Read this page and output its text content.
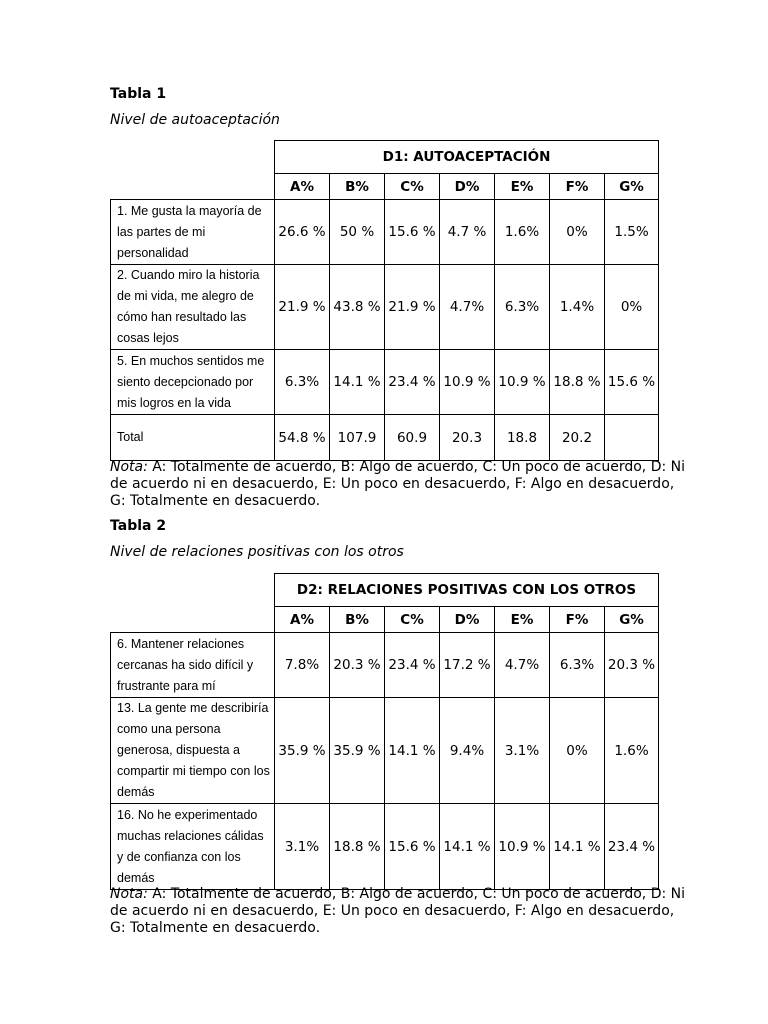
Tabla 1
Nivel de autoaceptación
	D1: AUTOACEPTACIÓN						
	A%	B%	C%	D%	E%	F%	G%
1. Me gusta la mayoría de las partes de mi personalidad	26.6 %	50 %	15.6 %	4.7 %	1.6%	0%	1.5%
2. Cuando miro la historia de mi vida, me alegro de cómo han resultado las cosas lejos	21.9 %	43.8 %	21.9 %	4.7%	6.3%	1.4%	0%
5. En muchos sentidos me siento decepcionado por mis logros en la vida	6.3%	14.1 %	23.4 %	10.9 %	10.9 %	18.8 %	15.6 %
Total	54.8 %	107.9	60.9	20.3	18.8	20.2	
Nota: A: Totalmente de acuerdo, B: Algo de acuerdo, C: Un poco de acuerdo, D: Ni de acuerdo ni en desacuerdo, E: Un poco en desacuerdo, F: Algo en desacuerdo, G: Totalmente en desacuerdo.
Tabla 2
Nivel de relaciones positivas con los otros
	D2: RELACIONES POSITIVAS CON LOS OTROS						
	A%	B%	C%	D%	E%	F%	G%
6. Mantener relaciones cercanas ha sido difícil y frustrante para mí	7.8%	20.3 %	23.4 %	17.2 %	4.7%	6.3%	20.3 %
13. La gente me describiría como una persona generosa, dispuesta a compartir mi tiempo con los demás	35.9 %	35.9 %	14.1 %	9.4%	3.1%	0%	1.6%
16. No he experimentado muchas relaciones cálidas y de confianza con los demás	3.1%	18.8 %	15.6 %	14.1 %	10.9 %	14.1 %	23.4 %
Nota: A: Totalmente de acuerdo, B: Algo de acuerdo, C: Un poco de acuerdo, D: Ni de acuerdo ni en desacuerdo, E: Un poco en desacuerdo, F: Algo en desacuerdo, G: Totalmente en desacuerdo.
